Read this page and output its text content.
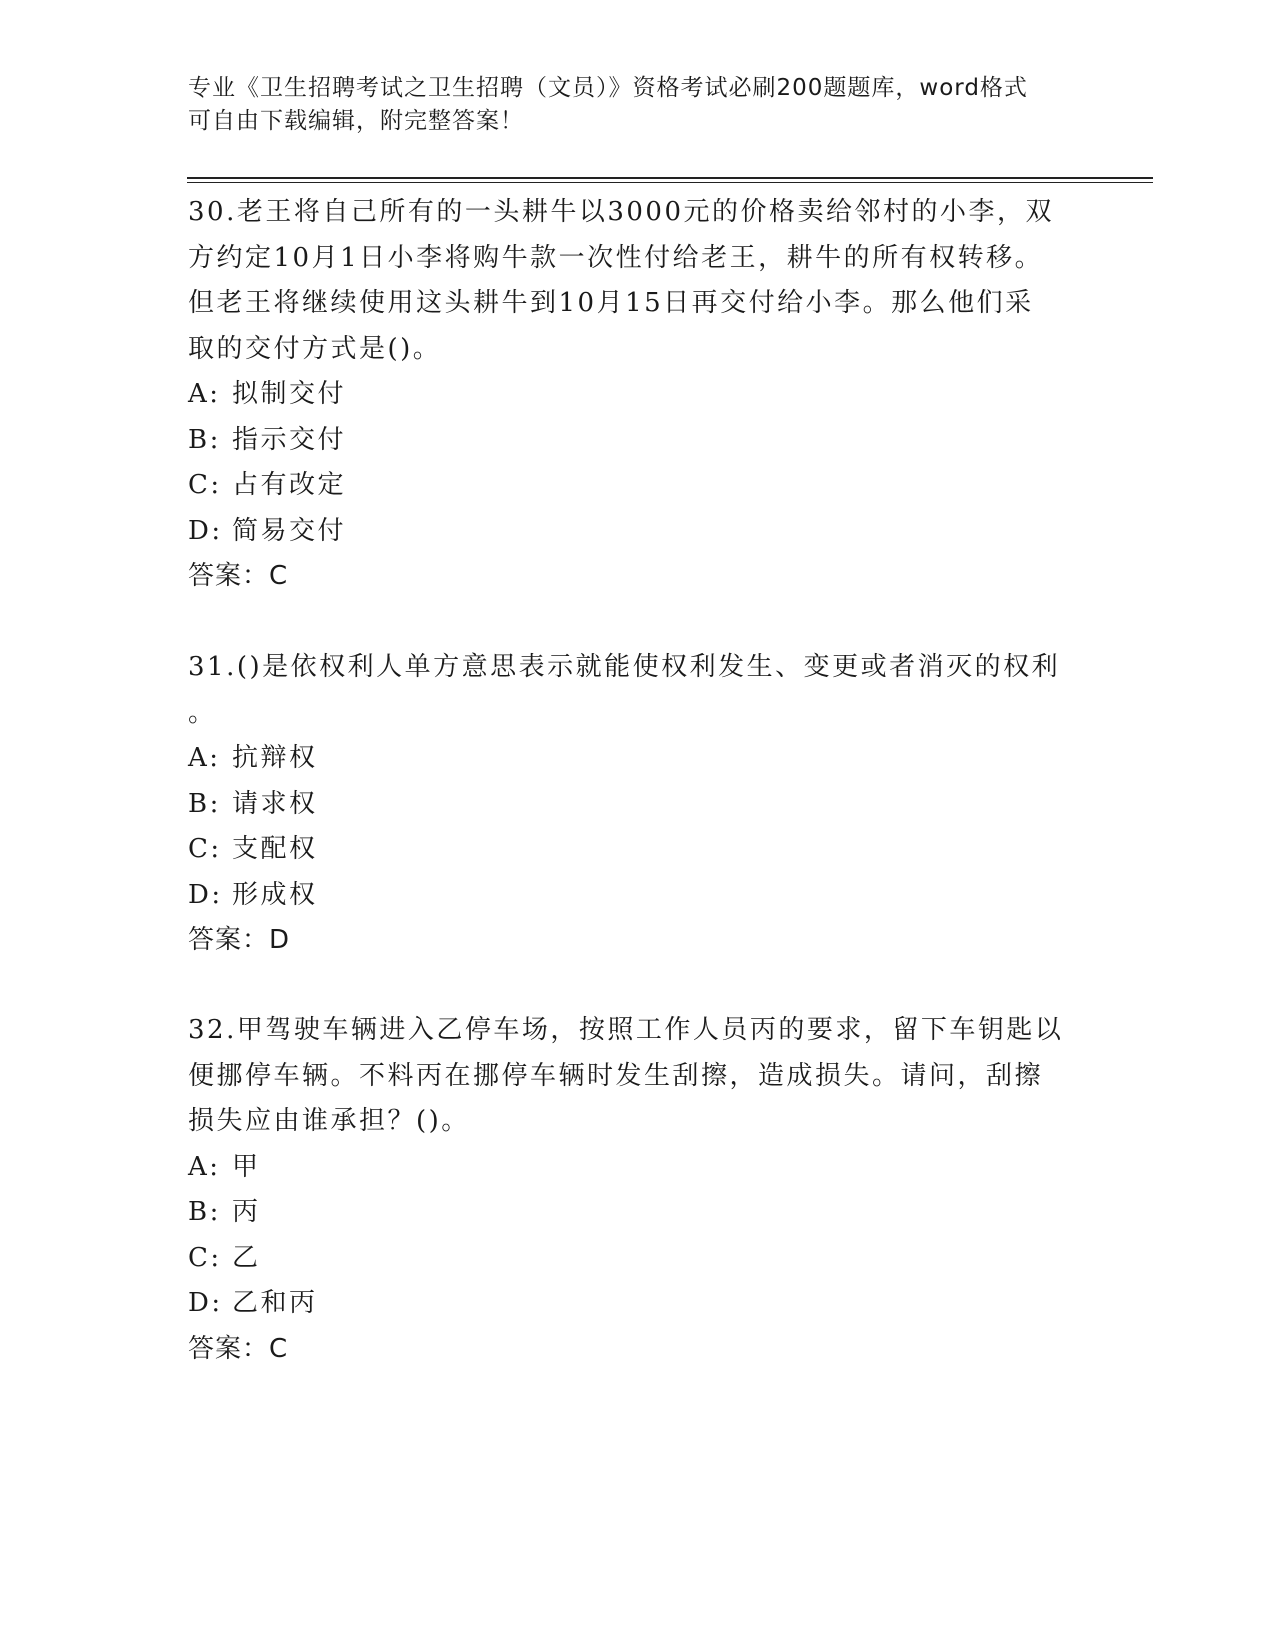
专业《卫生招聘考试之卫生招聘（文员）》资格考试必刷200题题库，word格式
可自由下载编辑，附完整答案！
30.老王将自己所有的一头耕牛以3000元的价格卖给邻村的小李，双
方约定10月1日小李将购牛款一次性付给老王，耕牛的所有权转移。
但老王将继续使用这头耕牛到10月15日再交付给小李。那么他们采
取的交付方式是()。
A: 拟制交付
B: 指示交付
C: 占有改定
D: 简易交付
答案：C
31.()是依权利人单方意思表示就能使权利发生、变更或者消灭的权利
。
A: 抗辩权
B: 请求权
C: 支配权
D: 形成权
答案：D
32.甲驾驶车辆进入乙停车场，按照工作人员丙的要求，留下车钥匙以
便挪停车辆。不料丙在挪停车辆时发生刮擦，造成损失。请问，刮擦
损失应由谁承担？()。
A: 甲
B: 丙
C: 乙
D: 乙和丙
答案：C
